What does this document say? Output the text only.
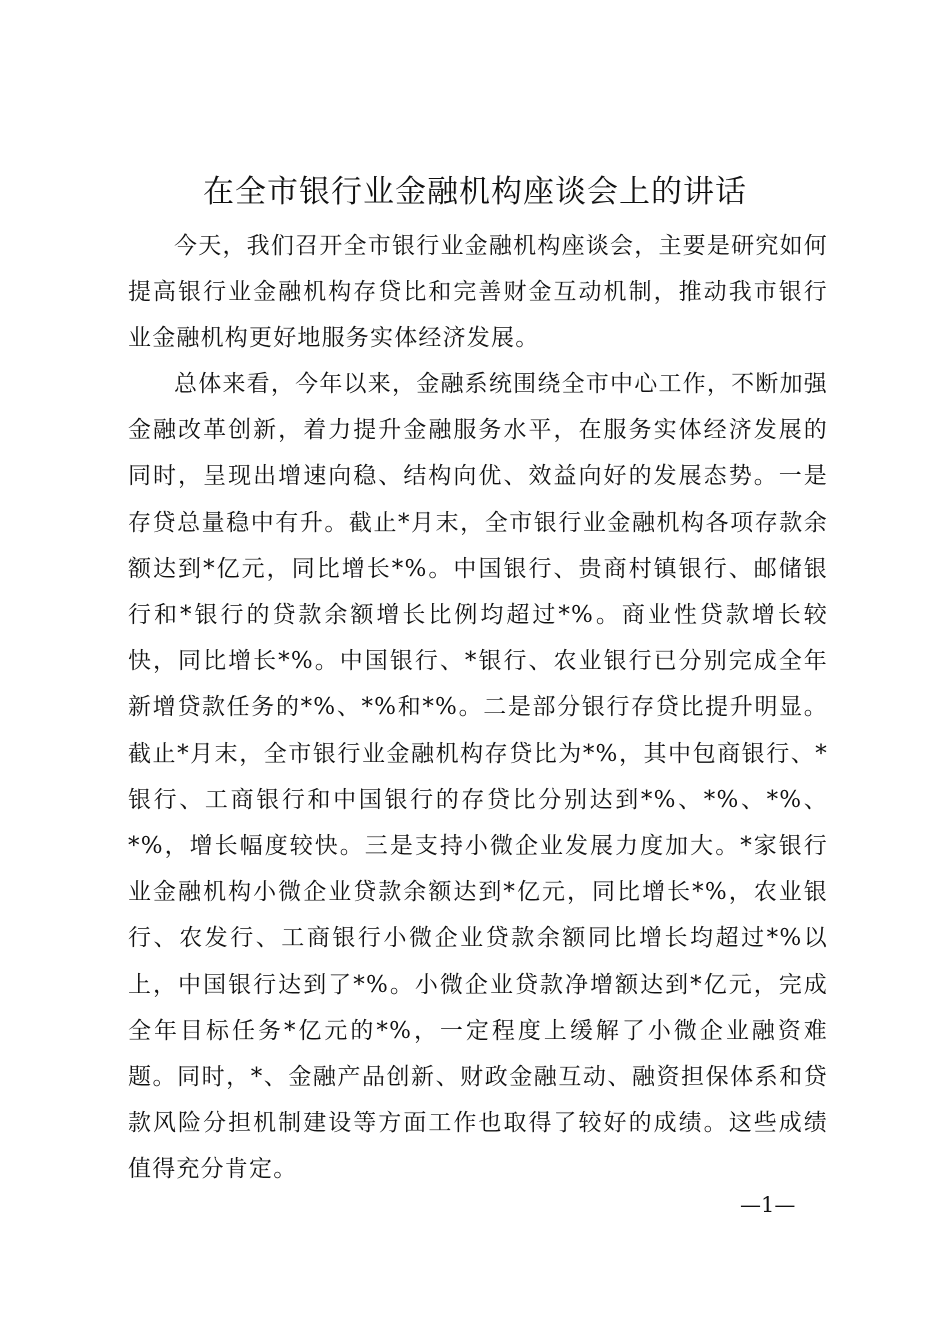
在全市银行业金融机构座谈会上的讲话

今天，我们召开全市银行业金融机构座谈会，主要是研究如何提高银行业金融机构存贷比和完善财金互动机制，推动我市银行业金融机构更好地服务实体经济发展。

总体来看，今年以来，金融系统围绕全市中心工作，不断加强金融改革创新，着力提升金融服务水平，在服务实体经济发展的同时，呈现出增速向稳、结构向优、效益向好的发展态势。一是存贷总量稳中有升。截止*月末，全市银行业金融机构各项存款余额达到*亿元，同比增长*%。中国银行、贵商村镇银行、邮储银行和*银行的贷款余额增长比例均超过*%。商业性贷款增长较快，同比增长*%。中国银行、*银行、农业银行已分别完成全年新增贷款任务的*%、*%和*%。二是部分银行存贷比提升明显。截止*月末，全市银行业金融机构存贷比为*%，其中包商银行、*银行、工商银行和中国银行的存贷比分别达到*%、*%、*%、*%，增长幅度较快。三是支持小微企业发展力度加大。*家银行业金融机构小微企业贷款余额达到*亿元，同比增长*%，农业银行、农发行、工商银行小微企业贷款余额同比增长均超过*%以上，中国银行达到了*%。小微企业贷款净增额达到*亿元，完成全年目标任务*亿元的*%，一定程度上缓解了小微企业融资难题。同时，*、金融产品创新、财政金融互动、融资担保体系和贷款风险分担机制建设等方面工作也取得了较好的成绩。这些成绩值得充分肯定。

—1—
